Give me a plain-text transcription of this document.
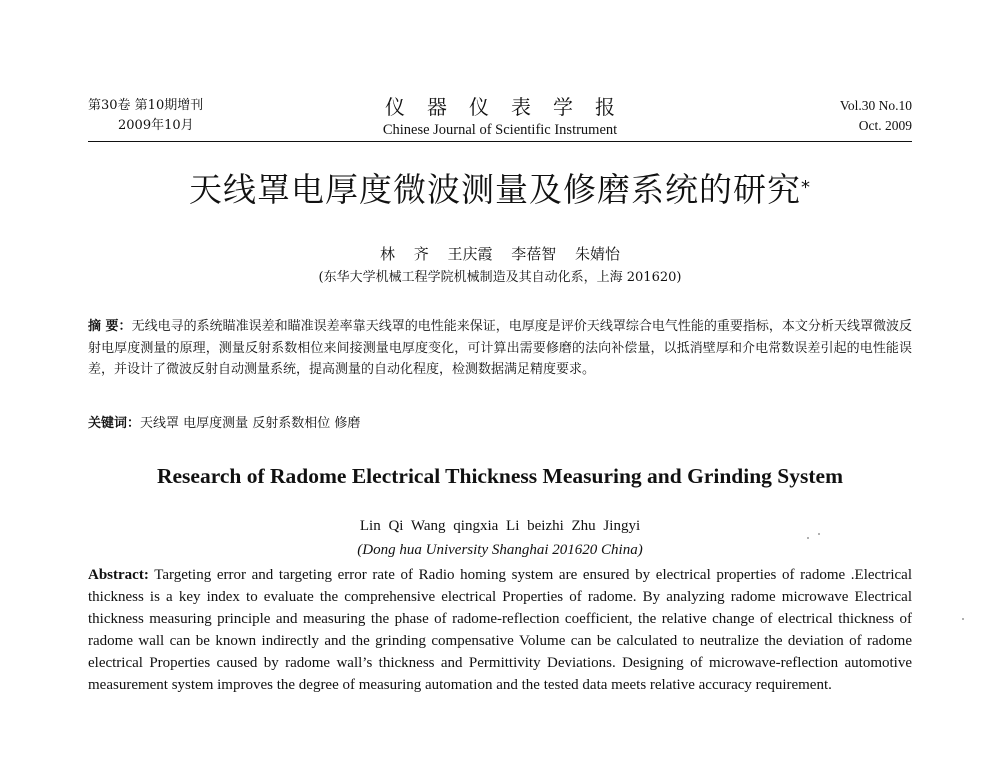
第30卷 第10期增刊
2009年10月
仪器仪表学报
Chinese Journal of Scientific Instrument
Vol.30 No.10
Oct. 2009
天线罩电厚度微波测量及修磨系统的研究*
林 齐 王庆霞 李蓓智 朱婧怡
(东华大学机械工程学院机械制造及其自动化系，上海 201620)
摘 要：无线电寻的系统瞄准误差和瞄准误差率靠天线罩的电性能来保证，电厚度是评价天线罩综合电气性能的重要指标，本文分析天线罩微波反射电厚度测量的原理，测量反射系数相位来间接测量电厚度变化，可计算出需要修磨的法向补偿量，以抵消壁厚和介电常数误差引起的电性能误差，并设计了微波反射自动测量系统，提高测量的自动化程度，检测数据满足精度要求。
关键词：天线罩 电厚度测量 反射系数相位 修磨
Research of Radome Electrical Thickness Measuring and Grinding System
Lin Qi Wang qingxia Li beizhi Zhu Jingyi
(Dong hua University Shanghai 201620 China)
Abstract: Targeting error and targeting error rate of Radio homing system are ensured by electrical properties of radome .Electrical thickness is a key index to evaluate the comprehensive electrical Properties of radome. By analyzing radome microwave Electrical thickness measuring principle and measuring the phase of radome-reflection coefficient, the relative change of electrical thickness of radome wall can be known indirectly and the grinding compensative Volume can be calculated to neutralize the deviation of radome electrical Properties caused by radome wall’s thickness and Permittivity Deviations. Designing of microwave-reflection automotive measurement system improves the degree of measuring automation and the tested data meets relative accuracy requirement.
